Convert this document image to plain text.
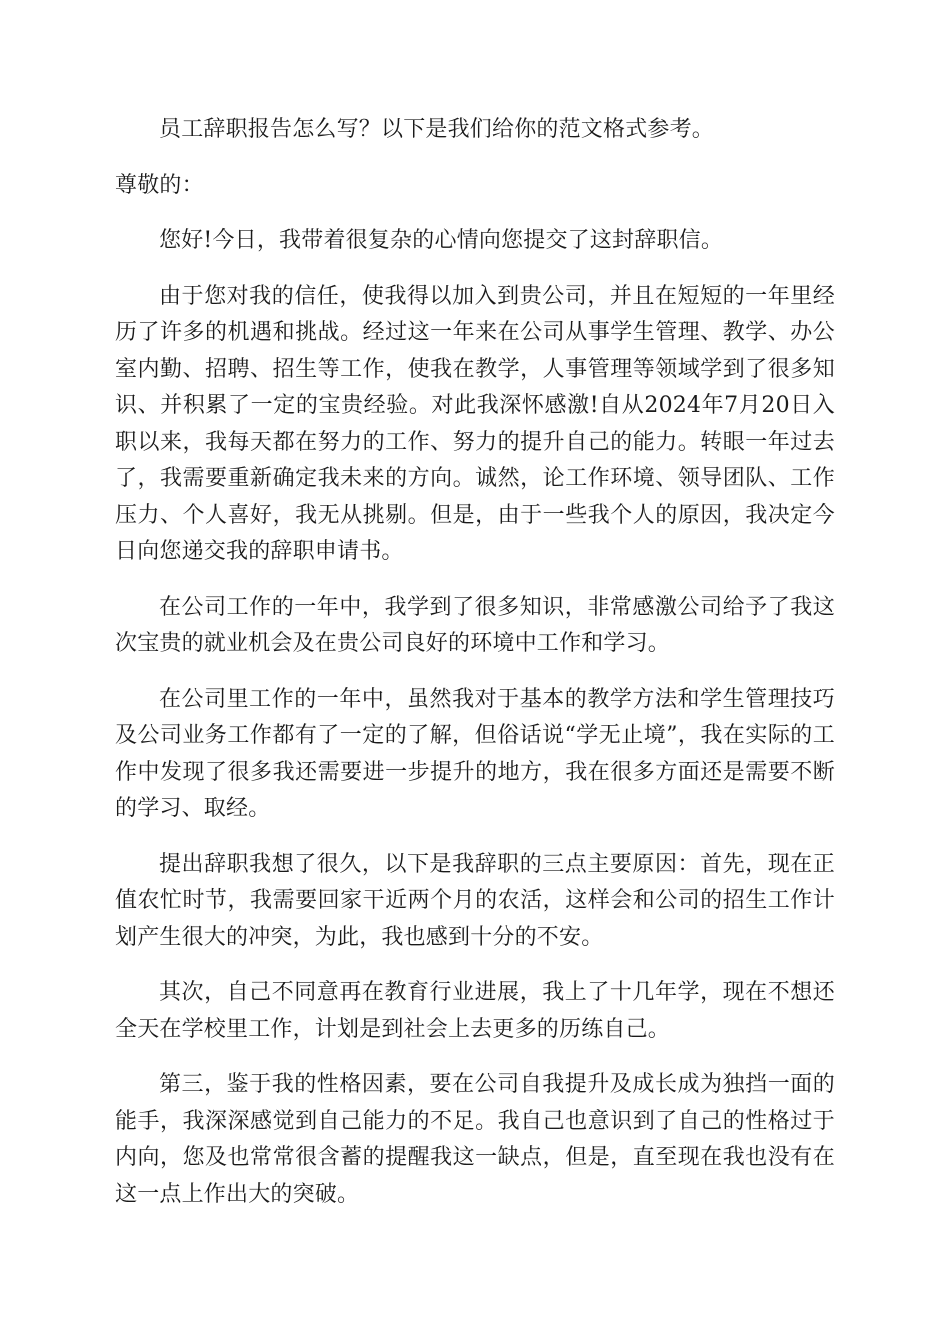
员工辞职报告怎么写？以下是我们给你的范文格式参考。

尊敬的：

您好!今日，我带着很复杂的心情向您提交了这封辞职信。

由于您对我的信任，使我得以加入到贵公司，并且在短短的一年里经历了许多的机遇和挑战。经过这一年来在公司从事学生管理、教学、办公室内勤、招聘、招生等工作，使我在教学，人事管理等领域学到了很多知识、并积累了一定的宝贵经验。对此我深怀感激!自从2024年7月20日入职以来，我每天都在努力的工作、努力的提升自己的能力。转眼一年过去了，我需要重新确定我未来的方向。诚然，论工作环境、领导团队、工作压力、个人喜好，我无从挑剔。但是，由于一些我个人的原因，我决定今日向您递交我的辞职申请书。

在公司工作的一年中，我学到了很多知识，非常感激公司给予了我这次宝贵的就业机会及在贵公司良好的环境中工作和学习。

在公司里工作的一年中，虽然我对于基本的教学方法和学生管理技巧及公司业务工作都有了一定的了解，但俗话说“学无止境”，我在实际的工作中发现了很多我还需要进一步提升的地方，我在很多方面还是需要不断的学习、取经。

提出辞职我想了很久，以下是我辞职的三点主要原因：首先，现在正值农忙时节，我需要回家干近两个月的农活，这样会和公司的招生工作计划产生很大的冲突，为此，我也感到十分的不安。

其次，自己不同意再在教育行业进展，我上了十几年学，现在不想还全天在学校里工作，计划是到社会上去更多的历练自己。

第三，鉴于我的性格因素，要在公司自我提升及成长成为独挡一面的能手，我深深感觉到自己能力的不足。我自己也意识到了自己的性格过于内向，您及也常常很含蓄的提醒我这一缺点，但是，直至现在我也没有在这一点上作出大的突破。
